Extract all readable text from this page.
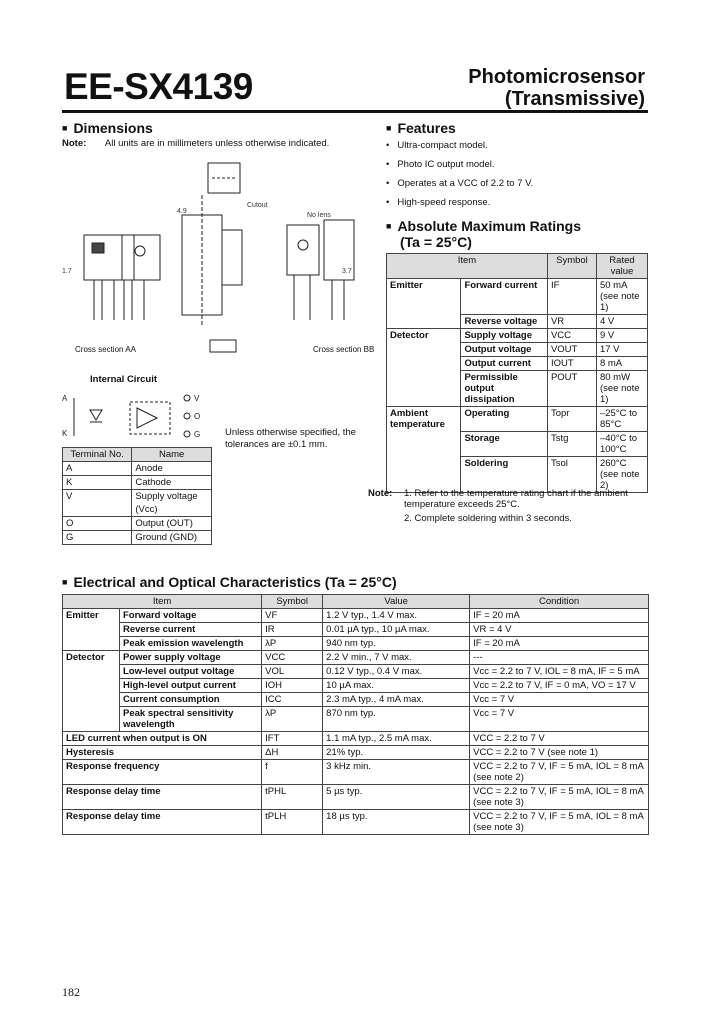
EE-SX4139	Photomicrosensor
(Transmissive)
■ Dimensions
Note: All units are in millimeters unless otherwise indicated.
Cutout
No lens
1.7
4.9
3.7
Cross section AA	Cross section BB
Internal Circuit
A
K
V
O
G	Unless otherwise specified, the tolerances are ±0.1 mm.
Terminal No.	Name
A	Anode
K	Cathode
V	Supply voltage
	(Vcc)
O	Output (OUT)
G	Ground (GND)
■ Features
• Ultra-compact model.
• Photo IC output model.
• Operates at a VCC of 2.2 to 7 V.
• High-speed response.
■ Absolute Maximum Ratings
(Ta = 25°C)
Item		Symbol	Rated value
Emitter	Forward current	IF	50 mA (see note 1)
	Reverse voltage	VR	4 V
Detector	Supply voltage	VCC	9 V
	Output voltage	VOUT	17 V
	Output current	IOUT	8 mA
	Permissible output dissipation	POUT	80 mW (see note 1)
Ambient temperature	Operating	Topr	–25°C to 85°C
	Storage	Tstg	–40°C to 100°C
	Soldering	Tsol	260°C (see note 2)
Note:	1. Refer to the temperature rating chart if the ambient temperature exceeds 25°C.
2. Complete soldering within 3 seconds.
■ Electrical and Optical Characteristics (Ta = 25°C)
Item		Symbol	Value	Condition
Emitter	Forward voltage	VF	1.2 V typ., 1.4 V max.	IF = 20 mA
	Reverse current	IR	0.01 µA typ., 10 µA max.	VR = 4 V
	Peak emission wavelength	λP	940 nm typ.	IF = 20 mA
Detector	Power supply voltage	VCC	2.2 V min., 7 V max.	---
	Low-level output voltage	VOL	0.12 V typ., 0.4 V max.	Vcc = 2.2 to 7 V, IOL = 8 mA, IF = 5 mA
	High-level output current	IOH	10 µA max.	Vcc = 2.2 to 7 V, IF = 0 mA, VO = 17 V
	Current consumption	ICC	2.3 mA typ., 4 mA max.	Vcc = 7 V
	Peak spectral sensitivity wavelength	λP	870 nm typ.	Vcc = 7 V
LED current when output is ON		IFT	1.1 mA typ., 2.5 mA max.	VCC = 2.2 to 7 V
Hysteresis		ΔH	21% typ.	VCC = 2.2 to 7 V (see note 1)
Response frequency		f	3 kHz min.	VCC = 2.2 to 7 V, IF = 5 mA, IOL = 8 mA (see note 2)
Response delay time		tPHL	5 µs typ.	VCC = 2.2 to 7 V, IF = 5 mA, IOL = 8 mA (see note 3)
Response delay time		tPLH	18 µs typ.	VCC = 2.2 to 7 V, IF = 5 mA, IOL = 8 mA (see note 3)
182
